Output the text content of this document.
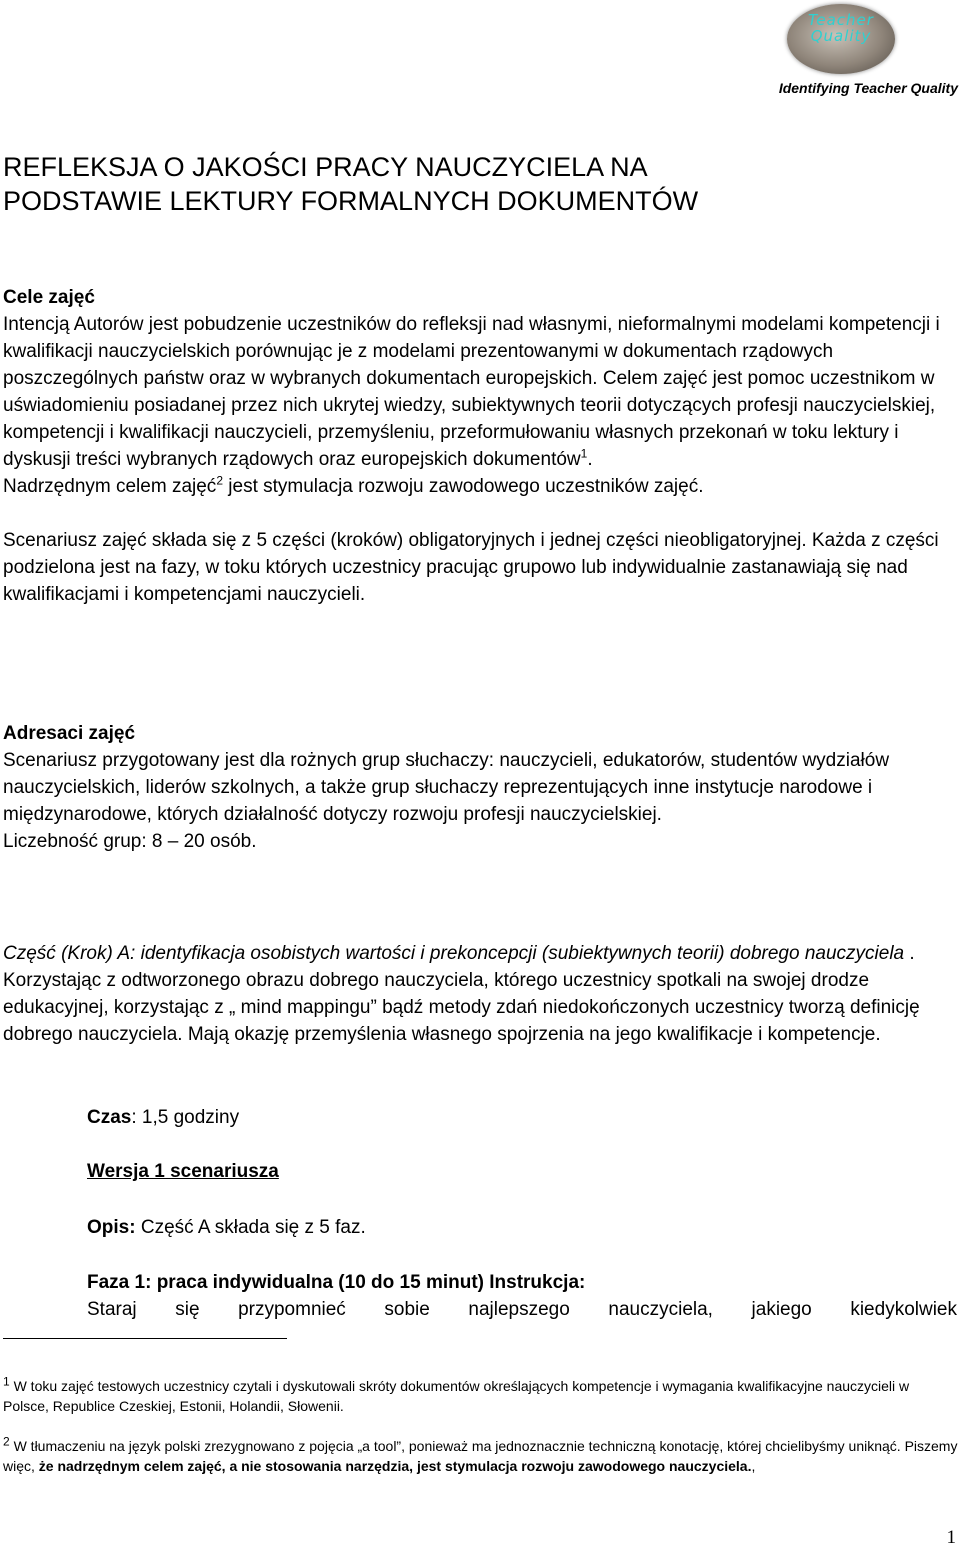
Teacher Quality
Identifying Teacher Quality
REFLEKSJA O JAKOŚCI PRACY NAUCZYCIELA NA
PODSTAWIE LEKTURY FORMALNYCH DOKUMENTÓW

Cele zajęć

Intencją Autorów jest pobudzenie uczestników do refleksji nad własnymi, nieformalnymi modelami kompetencji i kwalifikacji nauczycielskich porównując je z modelami prezentowanymi w dokumentach rządowych poszczególnych państw oraz w wybranych dokumentach europejskich. Celem zajęć jest pomoc uczestnikom w uświadomieniu posiadanej przez nich ukrytej wiedzy, subiektywnych teorii dotyczących profesji nauczycielskiej, kompetencji i kwalifikacji nauczycieli, przemyśleniu, przeformułowaniu własnych przekonań w toku lektury i dyskusji treści wybranych rządowych oraz europejskich dokumentów$^1$.

Nadrzędnym celem zajęć$^2$ jest stymulacja rozwoju zawodowego uczestników zajęć.

Scenariusz zajęć składa się z 5 części (kroków) obligatoryjnych i jednej części nieobligatoryjnej. Każda z części podzielona jest na fazy, w toku których uczestnicy pracując grupowo lub indywidualnie zastanawiają się nad kwalifikacjami i kompetencjami nauczycieli.

Adresaci zajęć

Scenariusz przygotowany jest dla rożnych grup słuchaczy: nauczycieli, edukatorów, studentów wydziałów nauczycielskich, liderów szkolnych, a także grup słuchaczy reprezentujących inne instytucje narodowe i międzynarodowe, których działalność dotyczy rozwoju profesji nauczycielskiej.

Liczebność grup: 8 – 20 osób.

Część (Krok) A: identyfikacja osobistych wartości i prekoncepcji (subiektywnych teorii) dobrego nauczyciela . Korzystając z odtworzonego obrazu dobrego nauczyciela, którego uczestnicy spotkali na swojej drodze edukacyjnej, korzystając z „ mind mappingu” bądź metody zdań niedokończonych uczestnicy tworzą definicję dobrego nauczyciela. Mają okazję przemyślenia własnego spojrzenia na jego kwalifikacje i kompetencje.

Czas: 1,5 godziny

Wersja 1 scenariusza

Opis: Część A składa się z 5 faz.

Faza 1: praca indywidualna (10 do 15 minut) Instrukcja:

Staraj się przypomnieć sobie najlepszego nauczyciela, jakiego kiedykolwiek

$^1$ W toku zajęć testowych uczestnicy czytali i dyskutowali skróty dokumentów określających kompetencje i wymagania kwalifikacyjne nauczycieli w Polsce, Republice Czeskiej, Estonii, Holandii, Słowenii.

$^2$ W tłumaczeniu na język polski zrezygnowano z pojęcia „a tool”, ponieważ ma jednoznacznie techniczną konotację, której chcielibyśmy uniknąć. Piszemy więc, że nadrzędnym celem zajęć, a nie stosowania narzędzia, jest stymulacja rozwoju zawodowego nauczyciela.,

1
